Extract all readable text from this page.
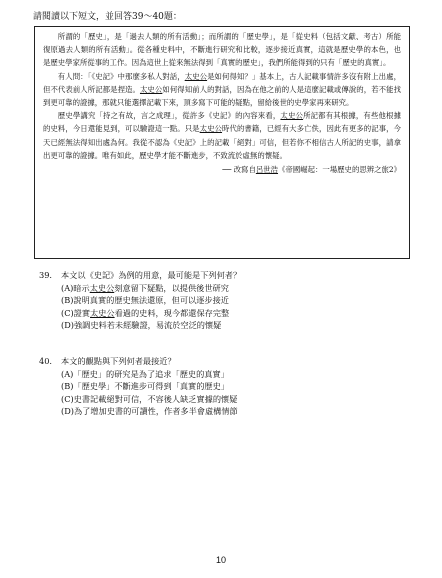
請閱讀以下短文，並回答39～40題：

所謂的「歷史」，是「過去人類的所有活動」；而所謂的「歷史學」，是「從史料（包括文獻、考古）所能復原過去人類的所有活動」。從各種史料中，不斷進行研究和比較，逐步接近真實，這就是歷史學的本色，也是歷史學家所從事的工作。因為這世上從來無法得到「真實的歷史」，我們所能得到的只有「歷史的真實」。

有人問：「《史記》中那麼多私人對話，太史公是如何得知？」基本上，古人記載事情許多沒有附上出處，但不代表前人所記都是捏造。太史公如何得知前人的對話，因為在他之前的人是這麼記載或傳說的，若不能找到更可靠的證據，那就只能選擇記載下來，頂多寫下可能的疑點，留給後世的史學家再來研究。

歷史學講究「持之有故，言之成理」，從許多《史記》的內容來看，太史公所記都有其根據，有些他根據的史料，今日還能見到，可以驗證這一點。只是太史公時代的書籍，已經有大多亡佚，因此有更多的記事，今天已經無法得知出處為何。我從不認為《史記》上的記載「絕對」可信，但若你不相信古人所記的史事，請拿出更可靠的證據。唯有如此，歷史學才能不斷進步，不致流於虛無的懷疑。

── 改寫自呂世浩《帝國崛起：一場歷史的思辨之旅2》

39. 本文以《史記》為例的用意，最可能是下列何者？

(A)暗示太史公刻意留下疑點，以提供後世研究

(B)說明真實的歷史無法還原，但可以逐步接近

(C)證實太史公看過的史料，現今都還保存完整

(D)強調史料若未經驗證，易流於空泛的懷疑

40. 本文的觀點與下列何者最接近？

(A)「歷史」的研究是為了追求「歷史的真實」

(B)「歷史學」不斷進步可得到「真實的歷史」

(C)史書記載絕對可信，不容後人缺乏實據的懷疑

(D)為了增加史書的可讀性，作者多半會虛構情節

10
